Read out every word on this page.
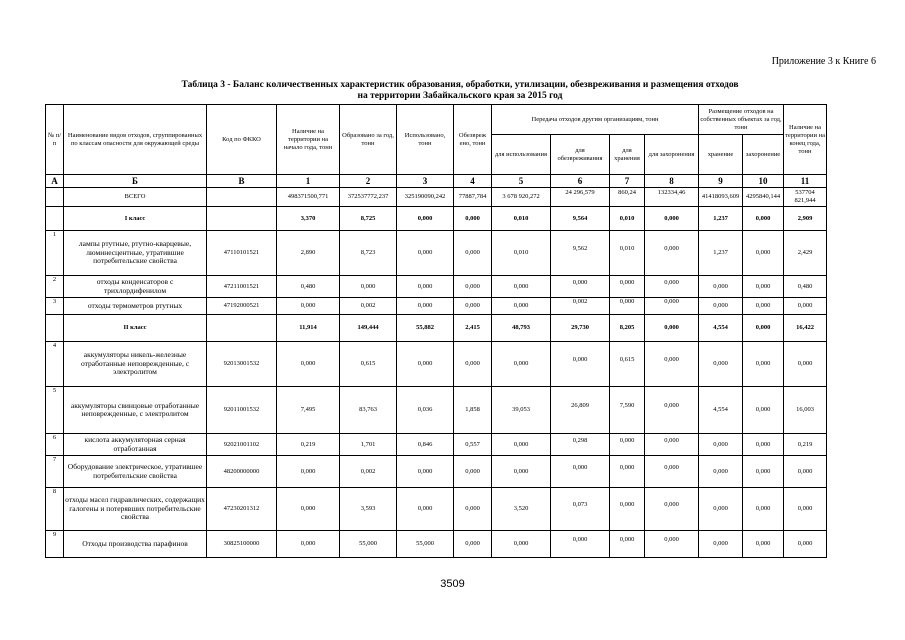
Приложение 3 к Книге 6
Таблица 3 - Баланс количественных характеристик образования, обработки, утилизации, обезвреживания и размещения отходов
на территории Забайкальского края за 2015 год
№ п/п	Наименование видов отходов, сгруппированных по классам опасности для окружающей среды	Код по ФККО	Наличие на территории на начало года, тонн	Образовано за год, тонн	Использовано, тонн	Обезвреж ено, тонн	Передача отходов другим организациям, тонн				Размещение отходов на собственных объектах за год, тонн		Наличие на территории на конец года, тонн
							для использования	для обезвреживания	для хранения	для захоронения	хранение	захоронение	
А	Б	В	1	2	3	4	5	6	7	8	9	10	11
	ВСЕГО		498371500,771	372537772,237	325190090,242	77887,784	3 678 920,272	24 296,579	860,24	132334,46	41418093,609	4295840,144	537704 821,944
	I класс		3,370	8,725	0,000	0,000	0,010	9,564	0,010	0,000	1,237	0,000	2,909
1	лампы ртутные, ртутно-кварцевые, люминесцентные, утратившие потребительские свойства	47110101521	2,890	8,723	0,000	0,000	0,010	9,562	0,010	0,000	1,237	0,000	2,429
2	отходы конденсаторов с трихлордифенилом	47211001521	0,480	0,000	0,000	0,000	0,000	0,000	0,000	0,000	0,000	0,000	0,480
3	отходы термометров ртутных	47192000521	0,000	0,002	0,000	0,000	0,000	0,002	0,000	0,000	0,000	0,000	0,000
	II класс		11,914	149,444	55,882	2,415	48,793	29,730	8,205	0,000	4,554	0,000	16,422
4	аккумуляторы никель-железные отработанные неповрежденные, с электролитом	92013001532	0,000	0,615	0,000	0,000	0,000	0,000	0,615	0,000	0,000	0,000	0,000
5	аккумуляторы свинцовые отработанные неповрежденные, с электролитом	92011001532	7,495	83,763	0,036	1,858	39,053	26,809	7,590	0,000	4,554	0,000	16,003
6	кислота аккумуляторная серная отработанная	92021001102	0,219	1,701	0,846	0,557	0,000	0,298	0,000	0,000	0,000	0,000	0,219
7	Оборудование электрическое, утратившее потребительские свойства	48200000000	0,000	0,002	0,000	0,000	0,000	0,000	0,000	0,000	0,000	0,000	0,000
8	отходы масел гидравлических, содержащих галогены и потерявших потребительские свойства	47230201312	0,000	3,593	0,000	0,000	3,520	0,073	0,000	0,000	0,000	0,000	0,000
9	Отходы производства парафинов	30825100000	0,000	55,000	55,000	0,000	0,000	0,000	0,000	0,000	0,000	0,000	0,000
3509
